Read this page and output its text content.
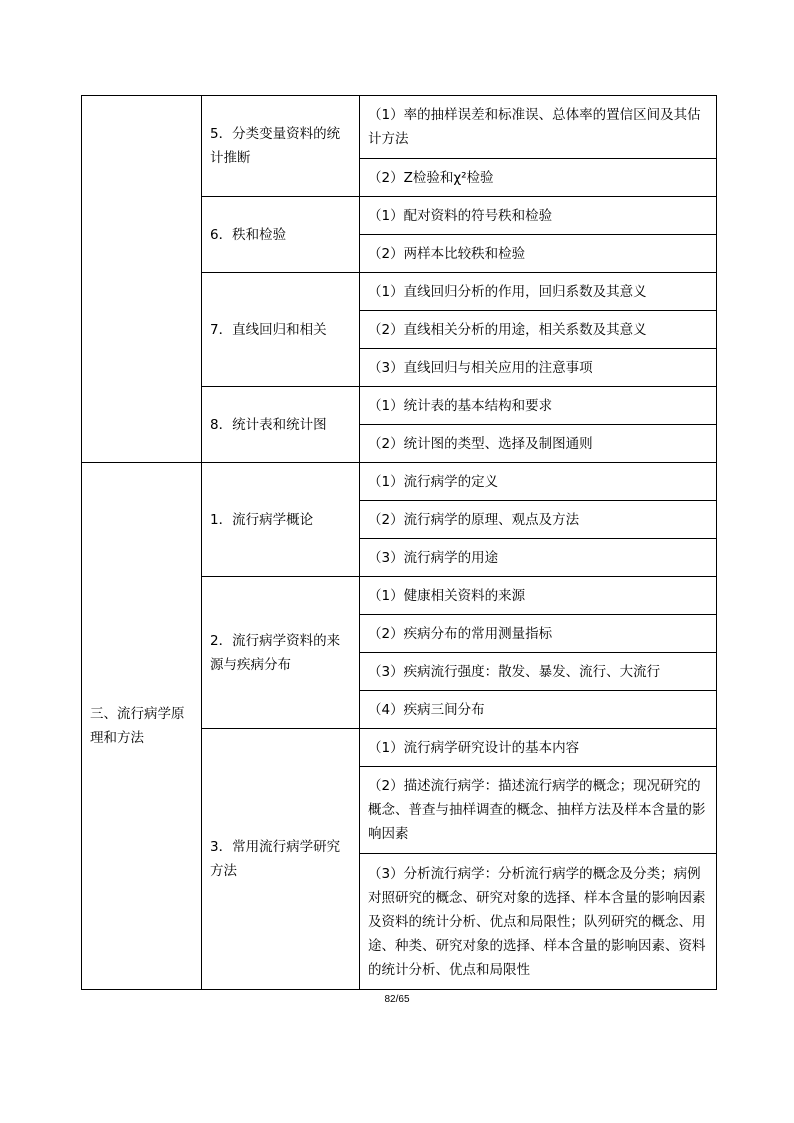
	5．分类变量资料的统计推断	（1）率的抽样误差和标准误、总体率的置信区间及其估计方法
		（2）Z检验和χ²检验
	6．秩和检验	（1）配对资料的符号秩和检验
		（2）两样本比较秩和检验
	7．直线回归和相关	（1）直线回归分析的作用，回归系数及其意义
		（2）直线相关分析的用途，相关系数及其意义
		（3）直线回归与相关应用的注意事项
	8．统计表和统计图	（1）统计表的基本结构和要求
		（2）统计图的类型、选择及制图通则
三、流行病学原理和方法	1．流行病学概论	（1）流行病学的定义
		（2）流行病学的原理、观点及方法
		（3）流行病学的用途
	2．流行病学资料的来源与疾病分布	（1）健康相关资料的来源
		（2）疾病分布的常用测量指标
		（3）疾病流行强度：散发、暴发、流行、大流行
		（4）疾病三间分布
	3．常用流行病学研究方法	（1）流行病学研究设计的基本内容
		（2）描述流行病学：描述流行病学的概念；现况研究的概念、普查与抽样调查的概念、抽样方法及样本含量的影响因素
		（3）分析流行病学：分析流行病学的概念及分类；病例对照研究的概念、研究对象的选择、样本含量的影响因素及资料的统计分析、优点和局限性；队列研究的概念、用途、种类、研究对象的选择、样本含量的影响因素、资料的统计分析、优点和局限性
82/65
